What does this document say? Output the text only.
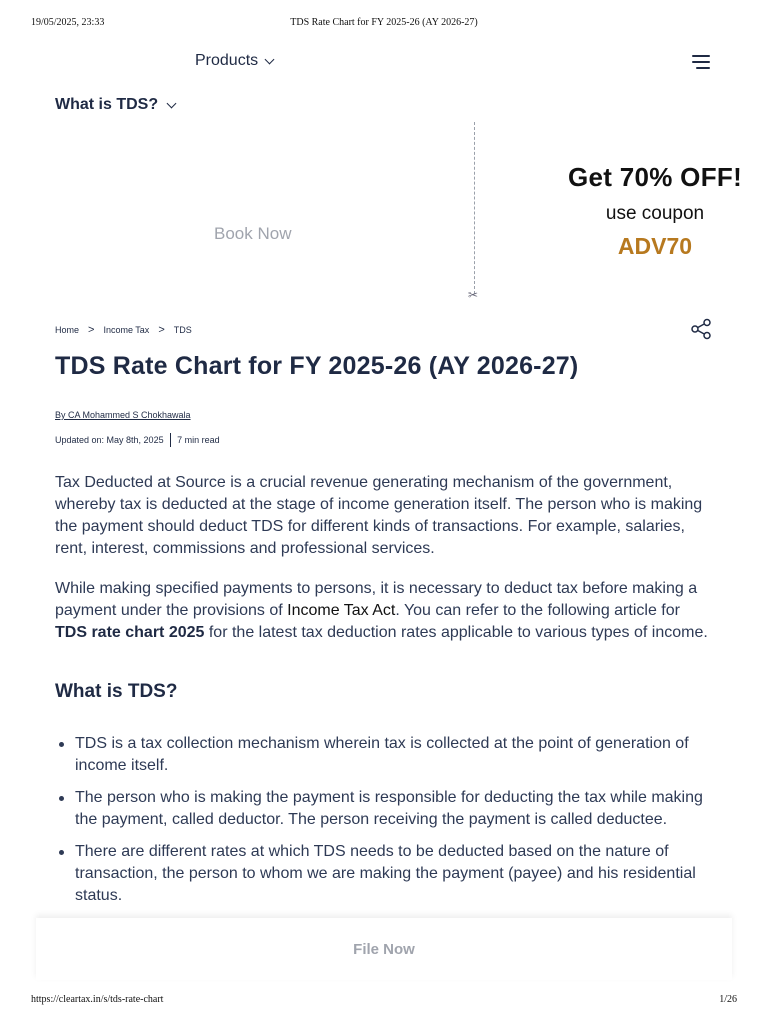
19/05/2025, 23:33	TDS Rate Chart for FY 2025-26 (AY 2026-27)
Products
What is TDS?
Book Now
✂
Get 70% OFF!
use coupon
ADV70
Home > Income Tax > TDS
TDS Rate Chart for FY 2025-26 (AY 2026-27)
By CA Mohammed S Chokhawala
Updated on: May 8th, 2025 7 min read

Tax Deducted at Source is a crucial revenue generating mechanism of the government, whereby tax is deducted at the stage of income generation itself. The person who is making the payment should deduct TDS for different kinds of transactions. For example, salaries, rent, interest, commissions and professional services.

While making specified payments to persons, it is necessary to deduct tax before making a payment under the provisions of Income Tax Act. You can refer to the following article for TDS rate chart 2025 for the latest tax deduction rates applicable to various types of income.

What is TDS?
TDS is a tax collection mechanism wherein tax is collected at the point of generation of income itself.
The person who is making the payment is responsible for deducting the tax while making the payment, called deductor. The person receiving the payment is called deductee.
There are different rates at which TDS needs to be deducted based on the nature of transaction, the person to whom we are making the payment (payee) and his residential status.
File Now
https://cleartax.in/s/tds-rate-chart	1/26
